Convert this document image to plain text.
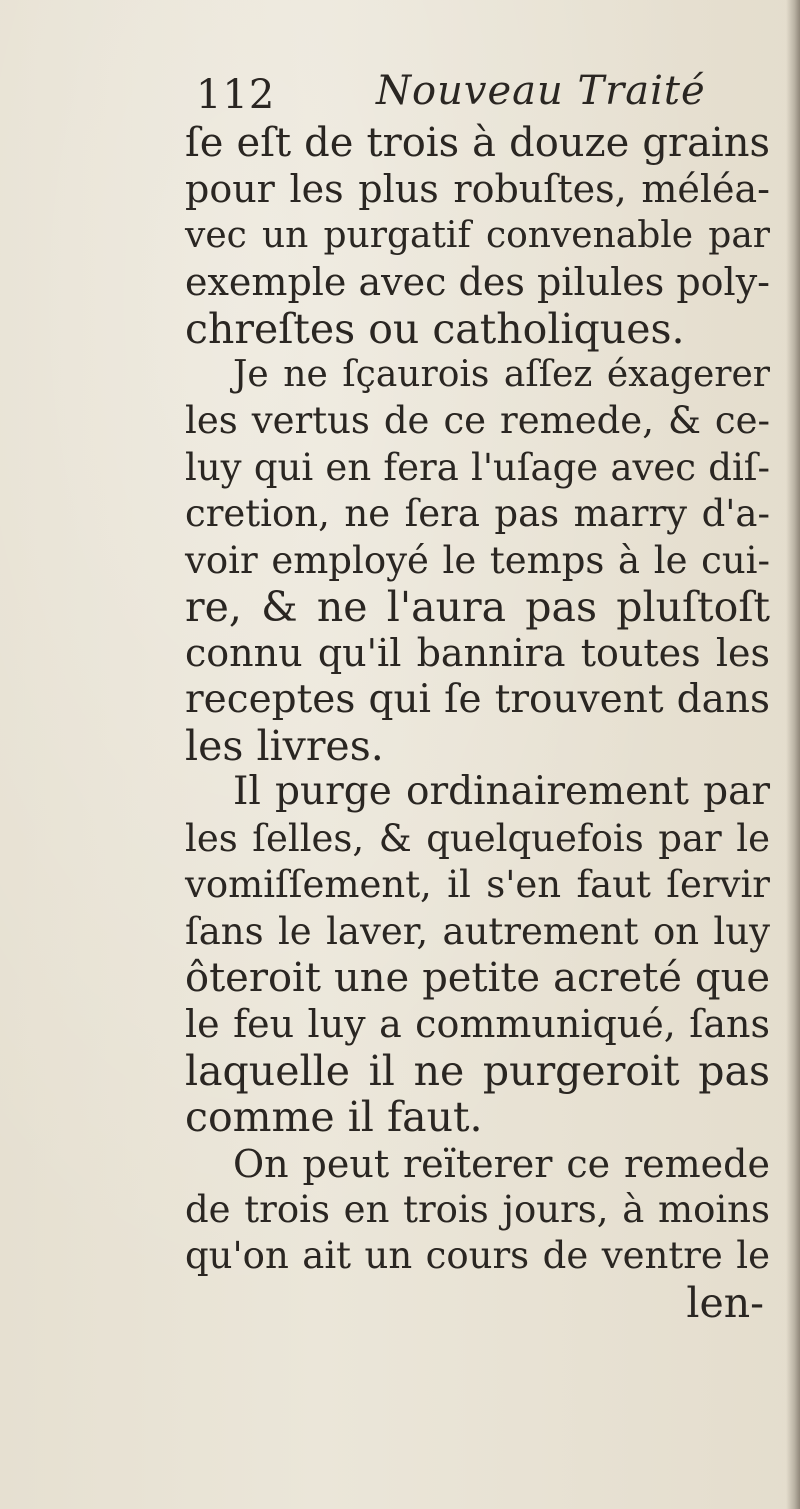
112	Nouveau Traité
ſe eſt de trois à douze grains
pour les plus robuſtes, méléa-
vec un purgatif convenable par
exemple avec des pilules poly-
chreſtes ou catholiques.
Je ne ſçaurois aſſez éxagerer
les vertus de ce remede, & ce-
luy qui en fera l'uſage avec diſ-
cretion, ne ſera pas marry d'a-
voir employé le temps à le cui-
re, & ne l'aura pas pluſtoſt
connu qu'il bannira toutes les
receptes qui ſe trouvent dans
les livres.
Il purge ordinairement par
les ſelles, & quelquefois par le
vomiſſement, il s'en faut ſervir
ſans le laver, autrement on luy
ôteroit une petite acreté que
le feu luy a communiqué, ſans
laquelle il ne purgeroit pas
comme il faut.
On peut reïterer ce remede
de trois en trois jours, à moins
qu'on ait un cours de ventre le
len-
